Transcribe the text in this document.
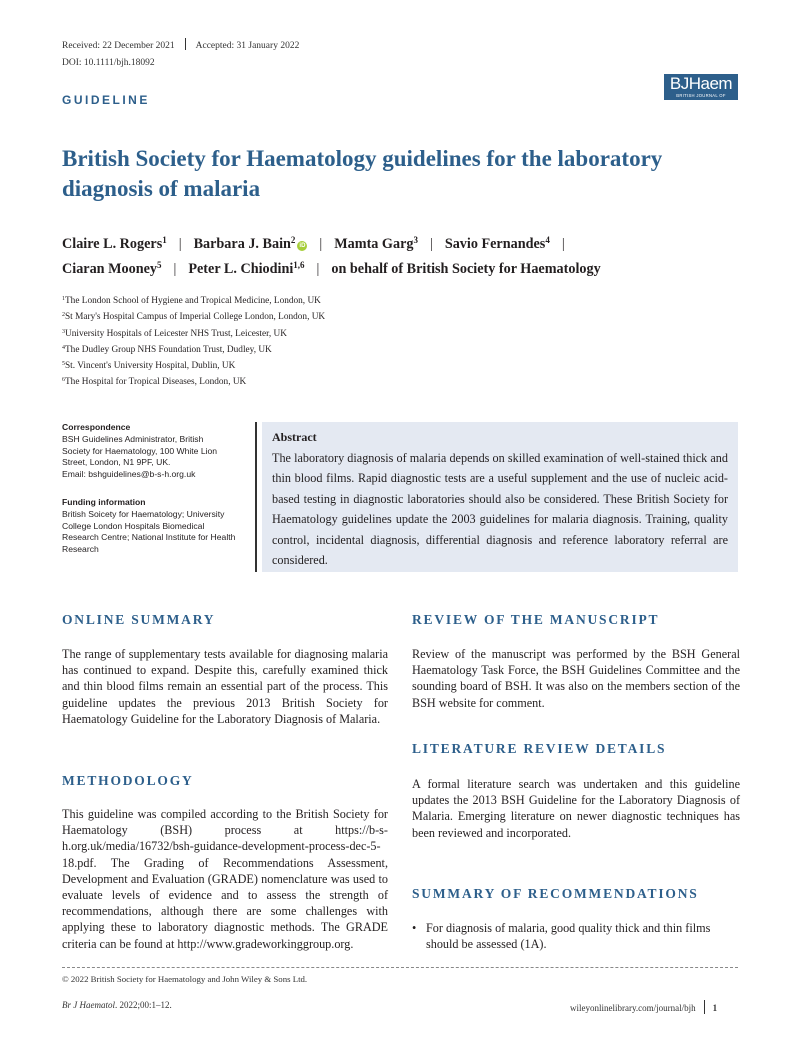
Received: 22 December 2021 Accepted: 31 January 2022
DOI: 10.1111/bjh.18092
GUIDELINE
BJHaem
BRITISH JOURNAL OF HAEMATOLOGY
British Society for Haematology guidelines for the laboratory diagnosis of malaria
Claire L. Rogers$^1$ | Barbara J. Bain$^2$iD | Mamta Garg$^3$ | Savio Fernandes$^4$ |
Ciaran Mooney$^5$ | Peter L. Chiodini$^{1,6}$ | on behalf of British Society for Haematology
$^1$The London School of Hygiene and Tropical Medicine, London, UK
$^2$St Mary's Hospital Campus of Imperial College London, London, UK
$^3$University Hospitals of Leicester NHS Trust, Leicester, UK
$^4$The Dudley Group NHS Foundation Trust, Dudley, UK
$^5$St. Vincent's University Hospital, Dublin, UK
$^6$The Hospital for Tropical Diseases, London, UK
Correspondence
BSH Guidelines Administrator, British
Society for Haematology, 100 White Lion
Street, London, N1 9PF, UK.
Email: bshguidelines@b-s-h.org.uk
Funding information
British Soicety for Haematology; University
College London Hospitals Biomedical
Research Centre; National Institute for Health
Research
Abstract
The laboratory diagnosis of malaria depends on skilled examination of well-stained thick and thin blood films. Rapid diagnostic tests are a useful supplement and the use of nucleic acid-based testing in diagnostic laboratories should also be considered. These British Society for Haematology guidelines update the 2003 guidelines for malaria diagnosis. Training, quality control, incidental diagnosis, differential diagnosis and reference laboratory referral are considered.
ONLINE SUMMARY
The range of supplementary tests available for diagnosing malaria has continued to expand. Despite this, carefully examined thick and thin blood films remain an essential part of the process. This guideline updates the previous 2013 British Society for Haematology Guideline for the Laboratory Diagnosis of Malaria.
METHODOLOGY
This guideline was compiled according to the British Society for Haematology (BSH) process at https://b-s-h.org.uk/media/16732/bsh-guidance-development-process-dec-5-18.pdf. The Grading of Recommendations Assessment, Development and Evaluation (GRADE) nomenclature was used to evaluate levels of evidence and to assess the strength of recommendations, although there are some challenges with applying these to laboratory diagnostic methods. The GRADE criteria can be found at http://www.gradeworkinggroup.org.
REVIEW OF THE MANUSCRIPT
Review of the manuscript was performed by the BSH General Haematology Task Force, the BSH Guidelines Committee and the sounding board of BSH. It was also on the members section of the BSH website for comment.
LITERATURE REVIEW DETAILS
A formal literature search was undertaken and this guideline updates the 2013 BSH Guideline for the Laboratory Diagnosis of Malaria. Emerging literature on newer diagnostic techniques has been reviewed and incorporated.
SUMMARY OF RECOMMENDATIONS
• For diagnosis of malaria, good quality thick and thin films should be assessed (1A).
© 2022 British Society for Haematology and John Wiley & Sons Ltd.
Br J Haematol. 2022;00:1–12.	wileyonlinelibrary.com/journal/bjh 1
